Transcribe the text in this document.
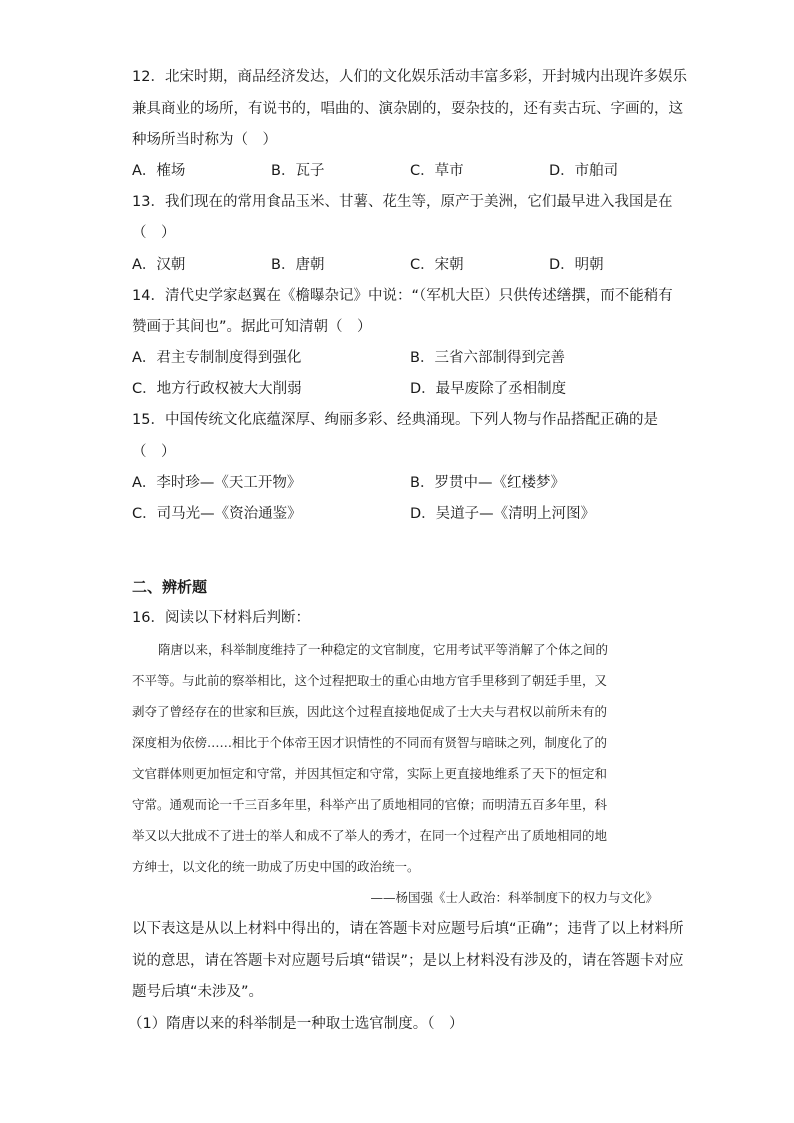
12．北宋时期，商品经济发达，人们的文化娱乐活动丰富多彩，开封城内出现许多娱乐
兼具商业的场所，有说书的，唱曲的、演杂剧的，耍杂技的，还有卖古玩、字画的，这
种场所当时称为（　）
A．榷场	B．瓦子	C．草市	D．市舶司
13．我们现在的常用食品玉米、甘薯、花生等，原产于美洲，它们最早进入我国是在
（　）
A．汉朝	B．唐朝	C．宋朝	D．明朝
14．清代史学家赵翼在《檐曝杂记》中说：“（军机大臣）只供传述缮撰，而不能稍有
赞画于其间也”。据此可知清朝（　）
A．君主专制制度得到强化	B．三省六部制得到完善
C．地方行政权被大大削弱	D．最早废除了丞相制度
15．中国传统文化底蕴深厚、绚丽多彩、经典涌现。下列人物与作品搭配正确的是
（　）
A．李时珍—《天工开物》	B．罗贯中—《红楼梦》
C．司马光—《资治通鉴》	D．吴道子—《清明上河图》
二、辨析题
16．阅读以下材料后判断：
隋唐以来，科举制度维持了一种稳定的文官制度，它用考试平等消解了个体之间的
不平等。与此前的察举相比，这个过程把取士的重心由地方官手里移到了朝廷手里，又
剥夺了曾经存在的世家和巨族，因此这个过程直接地促成了士大夫与君权以前所未有的
深度相为依傍……相比于个体帝王因才识情性的不同而有贤智与暗昧之列，制度化了的
文官群体则更加恒定和守常，并因其恒定和守常，实际上更直接地维系了天下的恒定和
守常。通观而论一千三百多年里，科举产出了质地相同的官僚；而明清五百多年里，科
举又以大批成不了进士的举人和成不了举人的秀才，在同一个过程产出了质地相同的地
方绅士，以文化的统一助成了历史中国的政治统一。
——杨国强《士人政治：科举制度下的权力与文化》
以下表这是从以上材料中得出的，请在答题卡对应题号后填“正确”；违背了以上材料所
说的意思，请在答题卡对应题号后填“错误”；是以上材料没有涉及的，请在答题卡对应
题号后填“未涉及”。
（1）隋唐以来的科举制是一种取士选官制度。（　）
